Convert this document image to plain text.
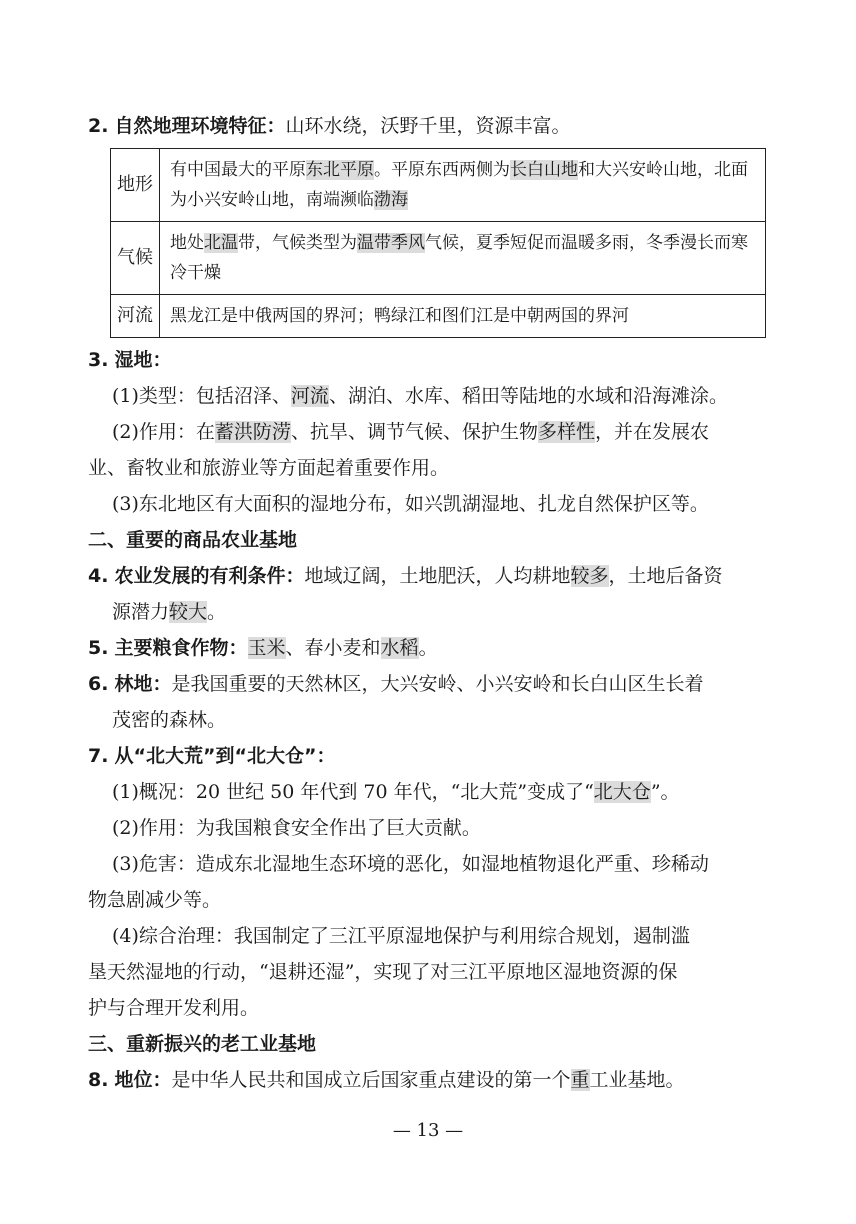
2. 自然地理环境特征：山环水绕，沃野千里，资源丰富。
地形	有中国最大的平原东北平原。平原东西两侧为长白山地和大兴安岭山地，北面为小兴安岭山地，南端濒临渤海
气候	地处北温带，气候类型为温带季风气候，夏季短促而温暖多雨，冬季漫长而寒冷干燥
河流	黑龙江是中俄两国的界河；鸭绿江和图们江是中朝两国的界河
3. 湿地：
(1)类型：包括沼泽、河流、湖泊、水库、稻田等陆地的水域和沿海滩涂。
(2)作用：在蓄洪防涝、抗旱、调节气候、保护生物多样性，并在发展农
业、畜牧业和旅游业等方面起着重要作用。
(3)东北地区有大面积的湿地分布，如兴凯湖湿地、扎龙自然保护区等。
二、重要的商品农业基地
4. 农业发展的有利条件：地域辽阔，土地肥沃，人均耕地较多，土地后备资
源潜力较大。
5. 主要粮食作物：玉米、春小麦和水稻。
6. 林地：是我国重要的天然林区，大兴安岭、小兴安岭和长白山区生长着
茂密的森林。
7. 从“北大荒”到“北大仓”：
(1)概况：20 世纪 50 年代到 70 年代，“北大荒”变成了“北大仓”。
(2)作用：为我国粮食安全作出了巨大贡献。
(3)危害：造成东北湿地生态环境的恶化，如湿地植物退化严重、珍稀动
物急剧减少等。
(4)综合治理：我国制定了三江平原湿地保护与利用综合规划，遏制滥
垦天然湿地的行动，“退耕还湿”，实现了对三江平原地区湿地资源的保
护与合理开发利用。
三、重新振兴的老工业基地
8. 地位：是中华人民共和国成立后国家重点建设的第一个重工业基地。
— 13 —
